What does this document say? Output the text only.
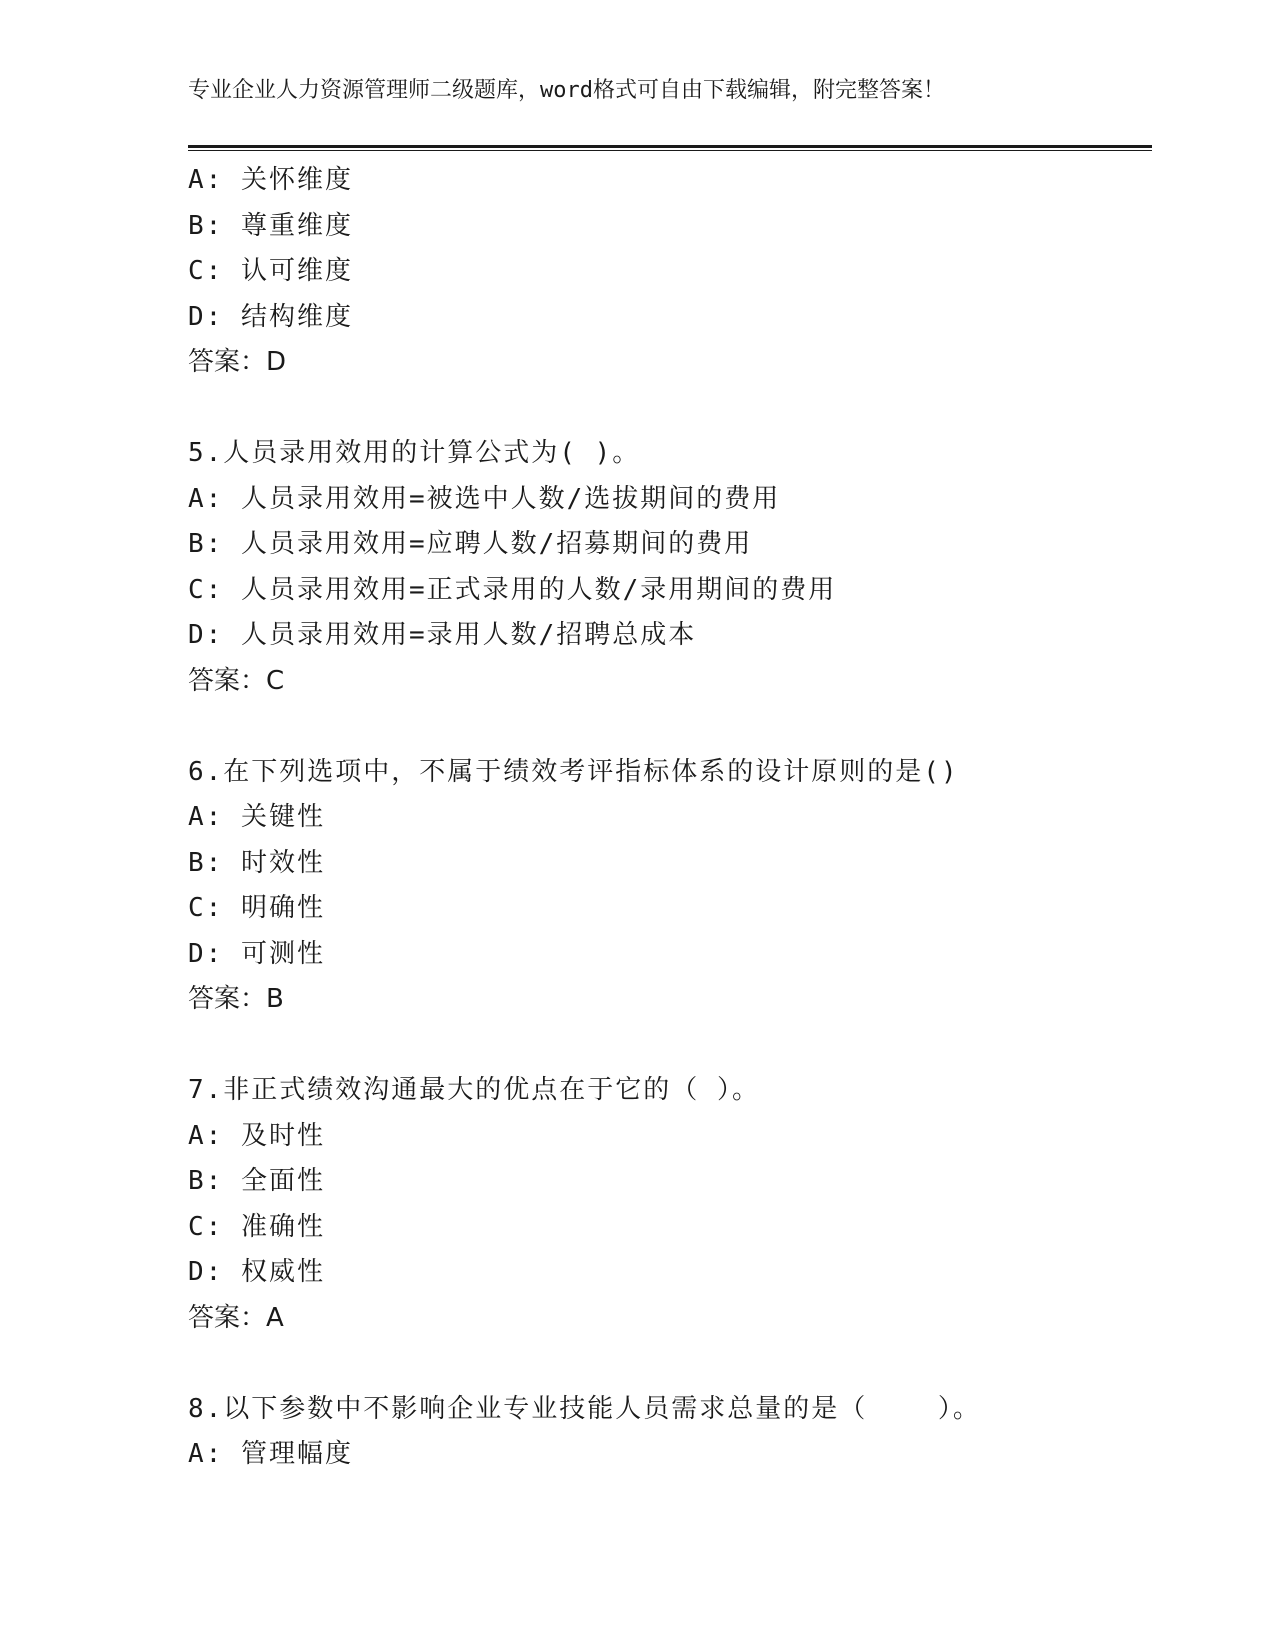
专业企业人力资源管理师二级题库，word格式可自由下载编辑，附完整答案！
A: 关怀维度
B: 尊重维度
C: 认可维度
D: 结构维度
答案：D
5.人员录用效用的计算公式为( )。
A: 人员录用效用=被选中人数/选拔期间的费用
B: 人员录用效用=应聘人数/招募期间的费用
C: 人员录用效用=正式录用的人数/录用期间的费用
D: 人员录用效用=录用人数/招聘总成本
答案：C
6.在下列选项中，不属于绩效考评指标体系的设计原则的是()
A: 关键性
B: 时效性
C: 明确性
D: 可测性
答案：B
7.非正式绩效沟通最大的优点在于它的（ ）。
A: 及时性
B: 全面性
C: 准确性
D: 权威性
答案：A
8.以下参数中不影响企业专业技能人员需求总量的是（    ）。
A: 管理幅度
